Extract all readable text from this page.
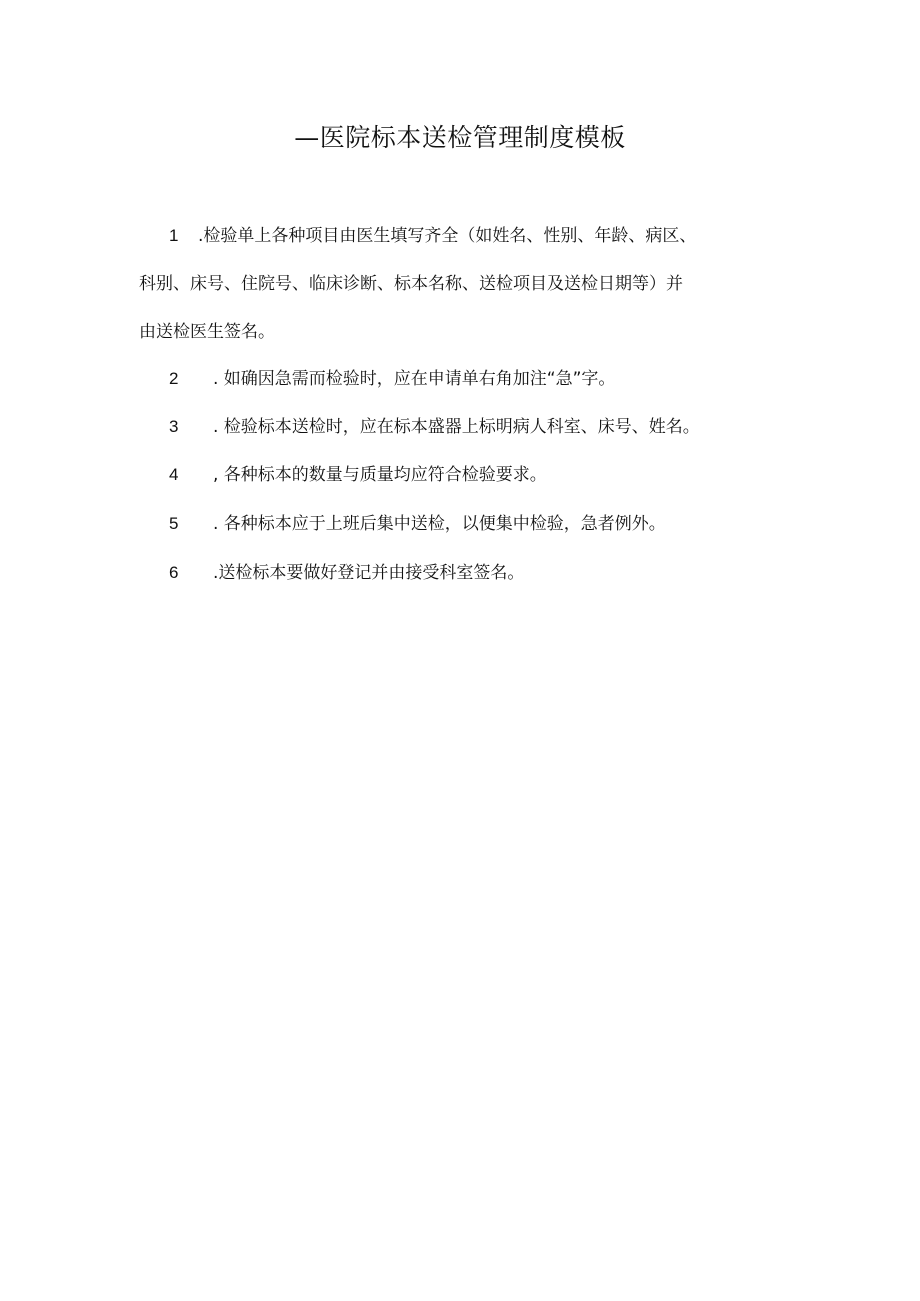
—医院标本送检管理制度模板
1	.检验单上各种项目由医生填写齐全（如姓名、性别、年龄、病区、
科别、床号、住院号、临床诊断、标本名称、送检项目及送检日期等）并
由送检医生签名。
2	. 如确因急需而检验时，应在申请单右角加注“急”字。
3	. 检验标本送检时，应在标本盛器上标明病人科室、床号、姓名。
4	, 各种标本的数量与质量均应符合检验要求。
5	. 各种标本应于上班后集中送检，以便集中检验，急者例外。
6	.送检标本要做好登记并由接受科室签名。
